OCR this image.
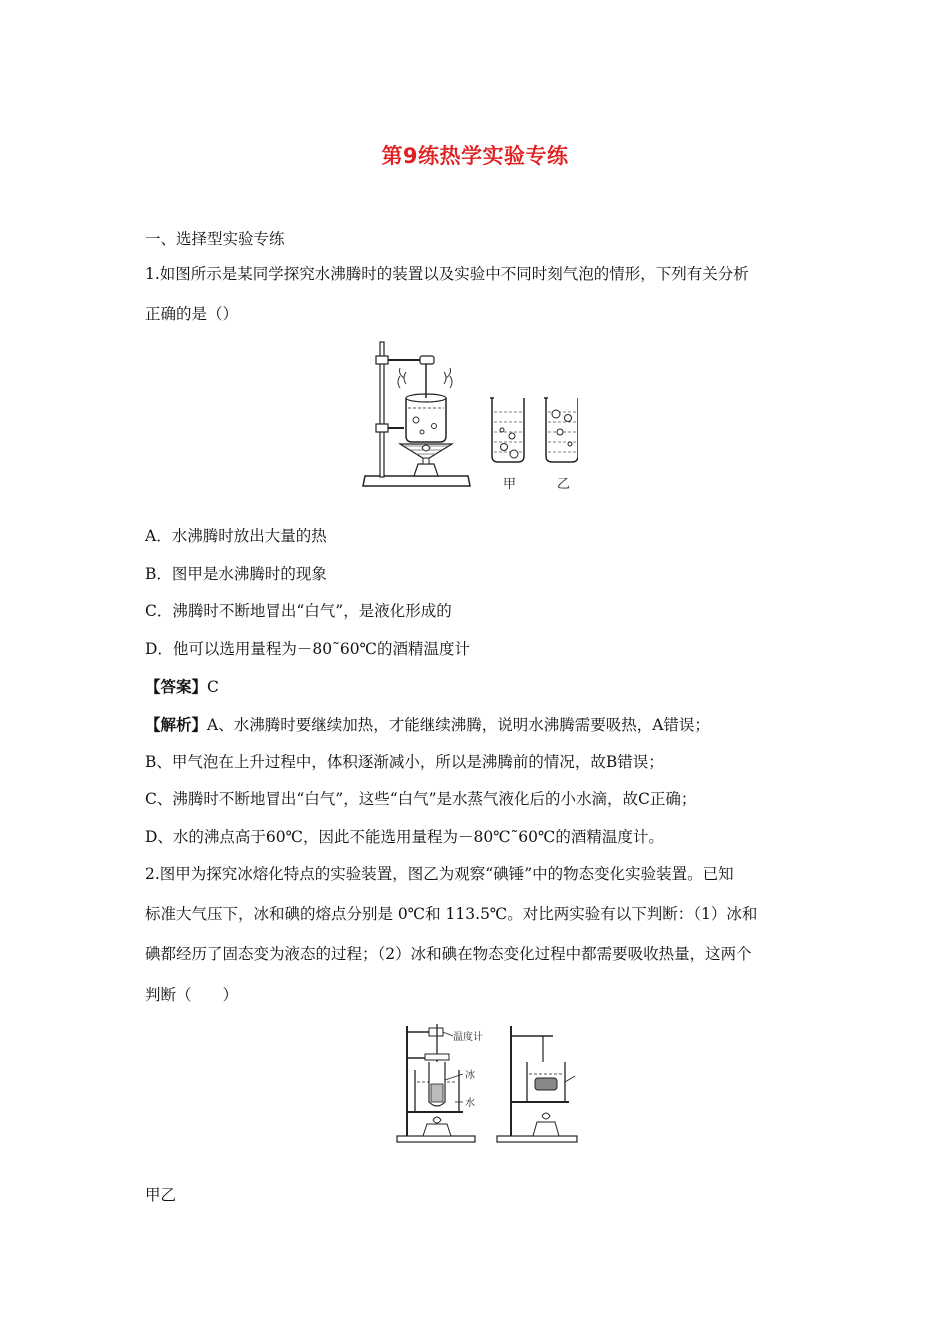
第9练热学实验专练
一、选择型实验专练
1.如图所示是某同学探究水沸腾时的装置以及实验中不同时刻气泡的情形，下列有关分析
正确的是（）
甲	乙
A．水沸腾时放出大量的热
B．图甲是水沸腾时的现象
C．沸腾时不断地冒出“白气”，是液化形成的
D．他可以选用量程为－80˜60℃的酒精温度计
【答案】C
【解析】A、水沸腾时要继续加热，才能继续沸腾，说明水沸腾需要吸热，A错误；
B、甲气泡在上升过程中，体积逐渐减小，所以是沸腾前的情况，故B错误；
C、沸腾时不断地冒出“白气”，这些“白气”是水蒸气液化后的小水滴，故C正确；
D、水的沸点高于60℃，因此不能选用量程为－80℃˜60℃的酒精温度计。
2.图甲为探究冰熔化特点的实验装置，图乙为观察“碘锤”中的物态变化实验装置。已知
标准大气压下，冰和碘的熔点分别是 0℃和 113.5℃。对比两实验有以下判断：（1）冰和
碘都经历了固态变为液态的过程；（2）冰和碘在物态变化过程中都需要吸收热量，这两个
判断（　　）
温度计
冰
水
甲乙
